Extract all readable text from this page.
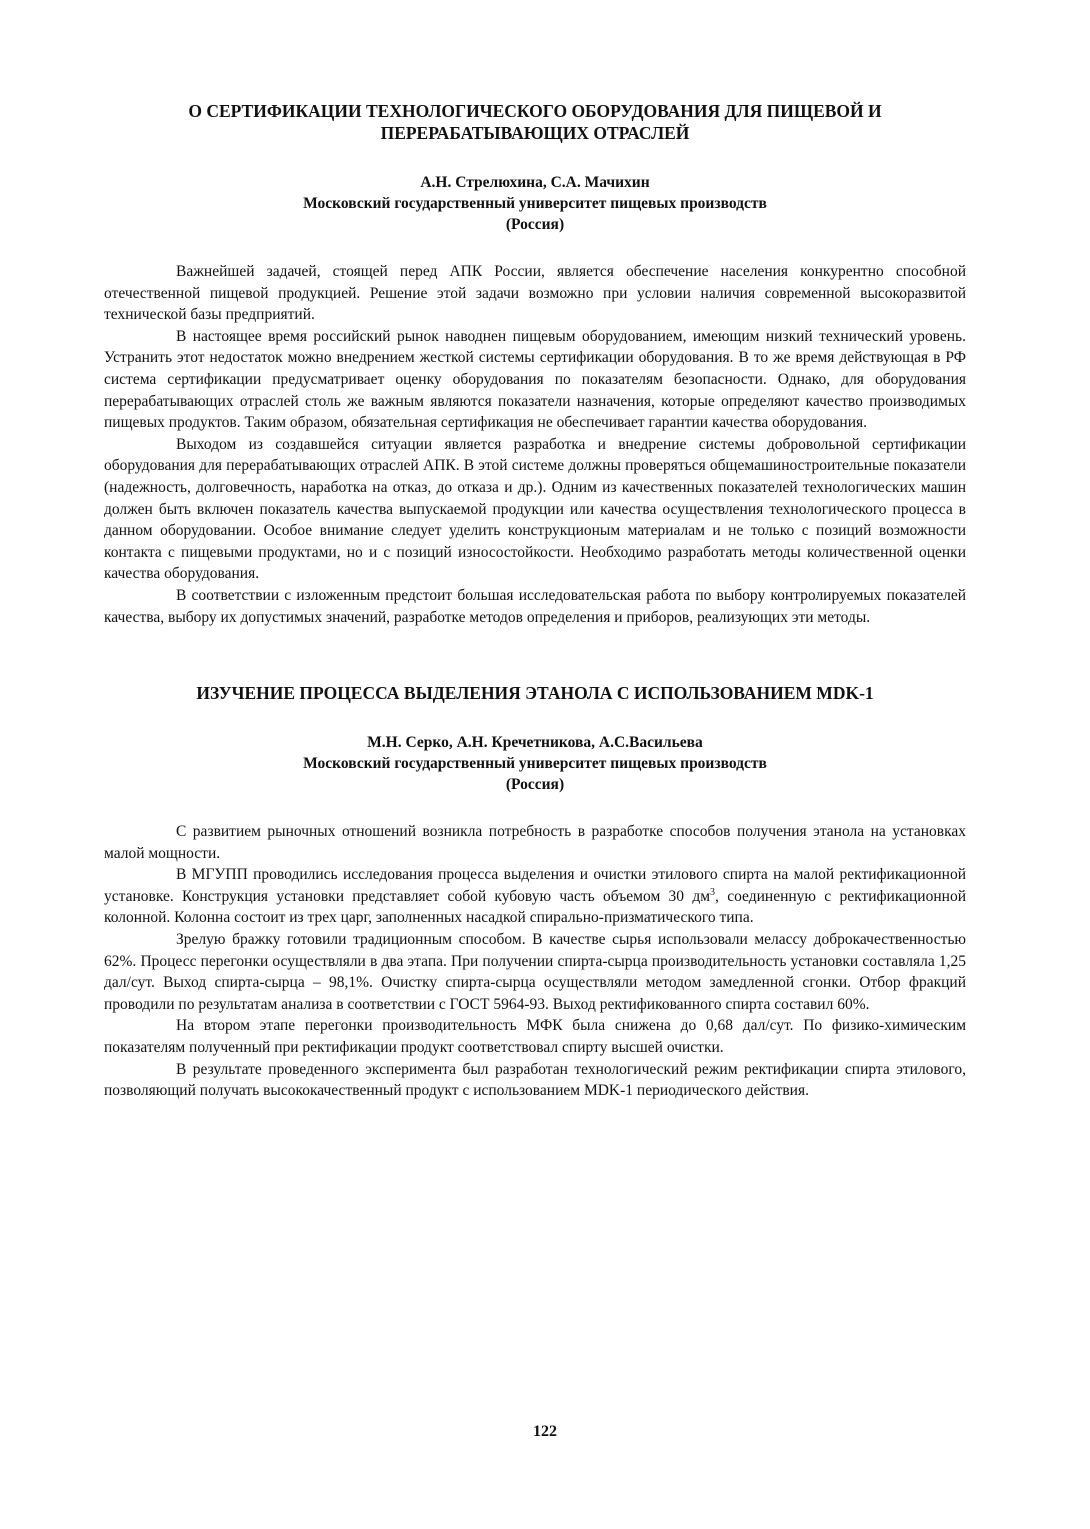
О СЕРТИФИКАЦИИ ТЕХНОЛОГИЧЕСКОГО ОБОРУДОВАНИЯ ДЛЯ ПИЩЕВОЙ И ПЕРЕРАБАТЫВАЮЩИХ ОТРАСЛЕЙ

А.Н. Стрелюхина, С.А. Мачихин

Московский государственный университет пищевых производств

(Россия)

Важнейшей задачей, стоящей перед АПК России, является обеспечение населения конкурентно способной отечественной пищевой продукцией. Решение этой задачи возможно при условии наличия современной высокоразвитой технической базы предприятий.

В настоящее время российский рынок наводнен пищевым оборудованием, имеющим низкий технический уровень. Устранить этот недостаток можно внедрением жесткой системы сертификации оборудования. В то же время действующая в РФ система сертификации предусматривает оценку оборудования по показателям безопасности. Однако, для оборудования перерабатывающих отраслей столь же важным являются показатели назначения, которые определяют качество производимых пищевых продуктов. Таким образом, обязательная сертификация не обеспечивает гарантии качества оборудования.

Выходом из создавшейся ситуации является разработка и внедрение системы добровольной сертификации оборудования для перерабатывающих отраслей АПК. В этой системе должны проверяться общемашиностроительные показатели (надежность, долговечность, наработка на отказ, до отказа и др.). Одним из качественных показателей технологических машин должен быть включен показатель качества выпускаемой продукции или качества осуществления технологического процесса в данном оборудовании. Особое внимание следует уделить конструкционым материалам и не только с позиций возможности контакта с пищевыми продуктами, но и с позиций износостойкости. Необходимо разработать методы количественной оценки качества оборудования.

В соответствии с изложенным предстоит большая исследовательская работа по выбору контролируемых показателей качества, выбору их допустимых значений, разработке методов определения и приборов, реализующих эти методы.

ИЗУЧЕНИЕ ПРОЦЕССА ВЫДЕЛЕНИЯ ЭТАНОЛА С ИСПОЛЬЗОВАНИЕМ MDK-1

М.Н. Серко, А.Н. Кречетникова, А.С.Васильева

Московский государственный университет пищевых производств

(Россия)

С развитием рыночных отношений возникла потребность в разработке способов получения этанола на установках малой мощности.

В МГУПП проводились исследования процесса выделения и очистки этилового спирта на малой ректификационной установке. Конструкция установки представляет собой кубовую часть объемом 30 $дм^3$, соединенную с ректификационной колонной. Колонна состоит из трех царг, заполненных насадкой спирально-призматического типа.

Зрелую бражку готовили традиционным способом. В качестве сырья использовали мелассу доброкачественностью 62%. Процесс перегонки осуществляли в два этапа. При получении спирта-сырца производительность установки составляла 1,25 дал/сут. Выход спирта-сырца – 98,1%. Очистку спирта-сырца осуществляли методом замедленной сгонки. Отбор фракций проводили по результатам анализа в соответствии с ГОСТ 5964-93. Выход ректификованного спирта составил 60%.

На втором этапе перегонки производительность МФК была снижена до 0,68 дал/сут. По физико-химическим показателям полученный при ректификации продукт соответствовал спирту высшей очистки.

В результате проведенного эксперимента был разработан технологический режим ректификации спирта этилового, позволяющий получать высококачественный продукт с использованием MDK-1 периодического действия.

122
